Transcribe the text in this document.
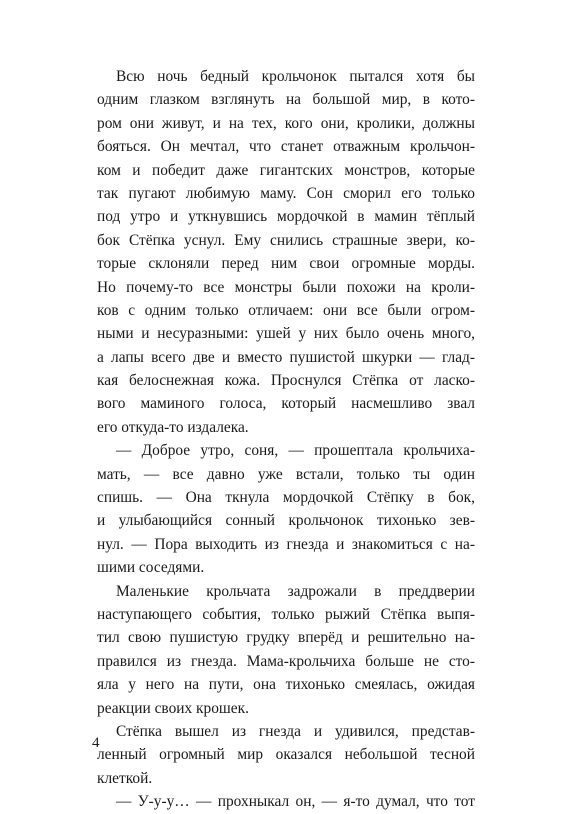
Всю ночь бедный крольчонок пытался хотя бы
одним глазком взглянуть на большой мир, в кото-
ром они живут, и на тех, кого они, кролики, должны
бояться. Он мечтал, что станет отважным крольчон-
ком и победит даже гигантских монстров, которые
так пугают любимую маму. Сон сморил его только
под утро и уткнувшись мордочкой в мамин тёплый
бок Стёпка уснул. Ему снились страшные звери, ко-
торые склоняли перед ним свои огромные морды.
Но почему-то все монстры были похожи на кроли-
ков с одним только отличаем: они все были огром-
ными и несуразными: ушей у них было очень много,
а лапы всего две и вместо пушистой шкурки — глад-
кая белоснежная кожа. Проснулся Стёпка от ласко-
вого маминого голоса, который насмешливо звал
его откуда-то издалека.
— Доброе утро, соня, — прошептала крольчиха-
мать, — все давно уже встали, только ты один
спишь. — Она ткнула мордочкой Стёпку в бок,
и улыбающийся сонный крольчонок тихонько зев-
нул. — Пора выходить из гнезда и знакомиться с на-
шими соседями.
Маленькие крольчата задрожали в преддверии
наступающего события, только рыжий Стёпка выпя-
тил свою пушистую грудку вперёд и решительно на-
правился из гнезда. Мама-крольчиха больше не сто-
яла у него на пути, она тихонько смеялась, ожидая
реакции своих крошек.
Стёпка вышел из гнезда и удивился, представ-
ленный огромный мир оказался небольшой тесной
клеткой.
— У-у-у… — прохныкал он, — я-то думал, что тот
4
